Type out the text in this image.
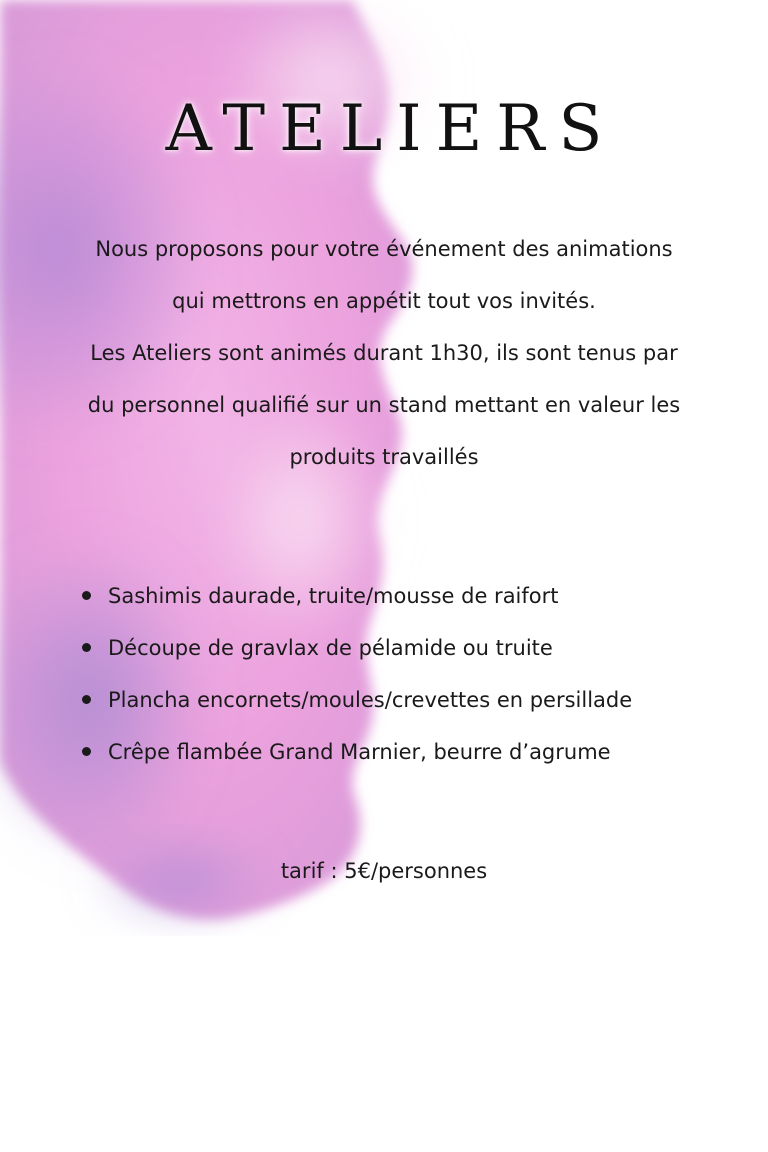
ATELIERS
Nous proposons pour votre événement des animations
qui mettrons en appétit tout vos invités.
Les Ateliers sont animés durant 1h30, ils sont tenus par
du personnel qualifié sur un stand mettant en valeur les
produits travaillés
Sashimis daurade, truite/mousse de raifort
Découpe de gravlax de pélamide ou truite
Plancha encornets/moules/crevettes en persillade
Crêpe flambée Grand Marnier, beurre d’agrume
tarif : 5€/personnes
